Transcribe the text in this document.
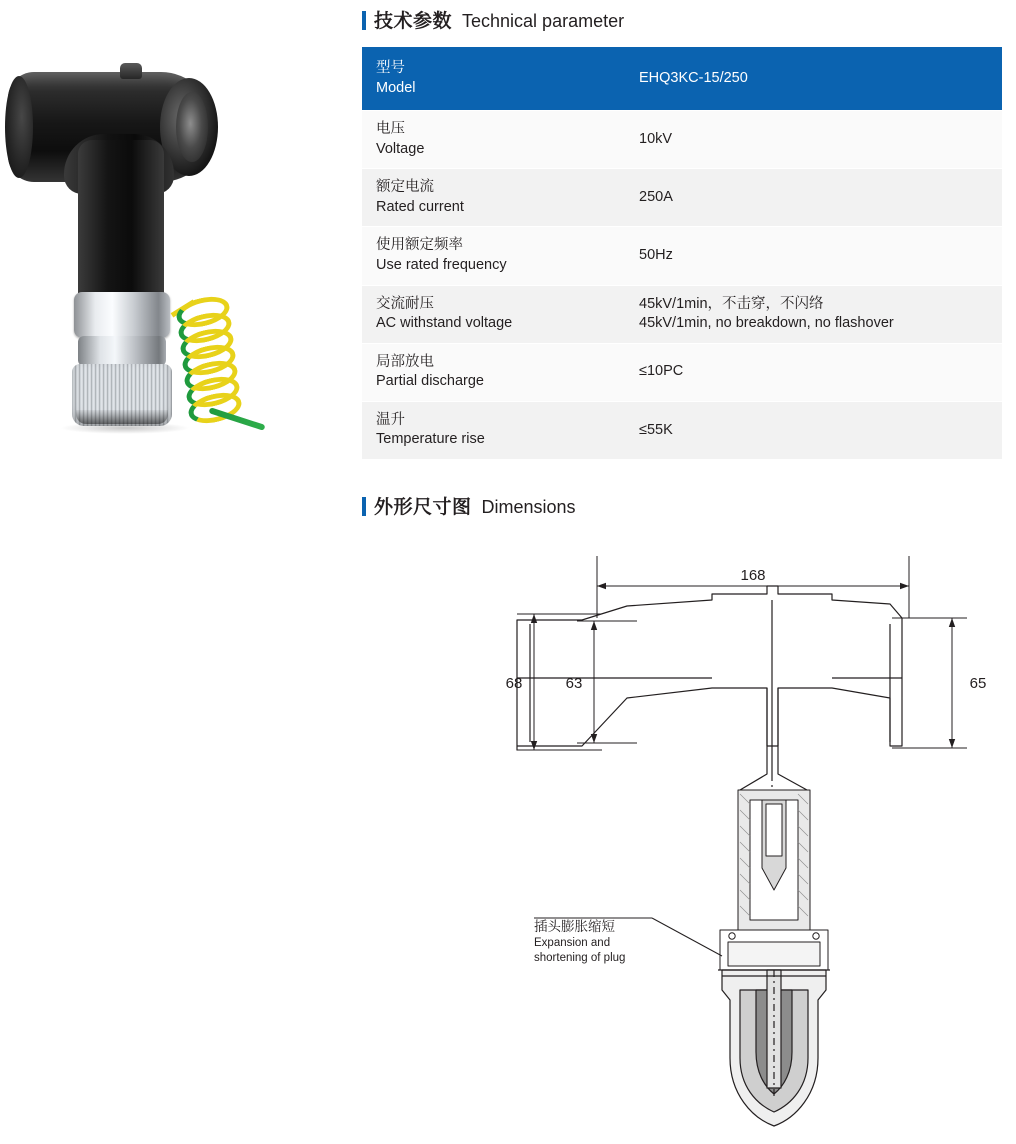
技术参数 Technical parameter
型号
Model	EHQ3KC-15/250

电压
Voltage	10kV

额定电流
Rated current	250A

使用额定频率
Use rated frequency	50Hz

交流耐压
AC withstand voltage	45kV/1min，不击穿，不闪络
45kV/1min, no breakdown, no flashover

局部放电
Partial discharge	≤10PC

温升
Temperature rise	≤55K
外形尺寸图 Dimensions
168
68	63	65
插头膨胀缩短
Expansion and
shortening of plug
